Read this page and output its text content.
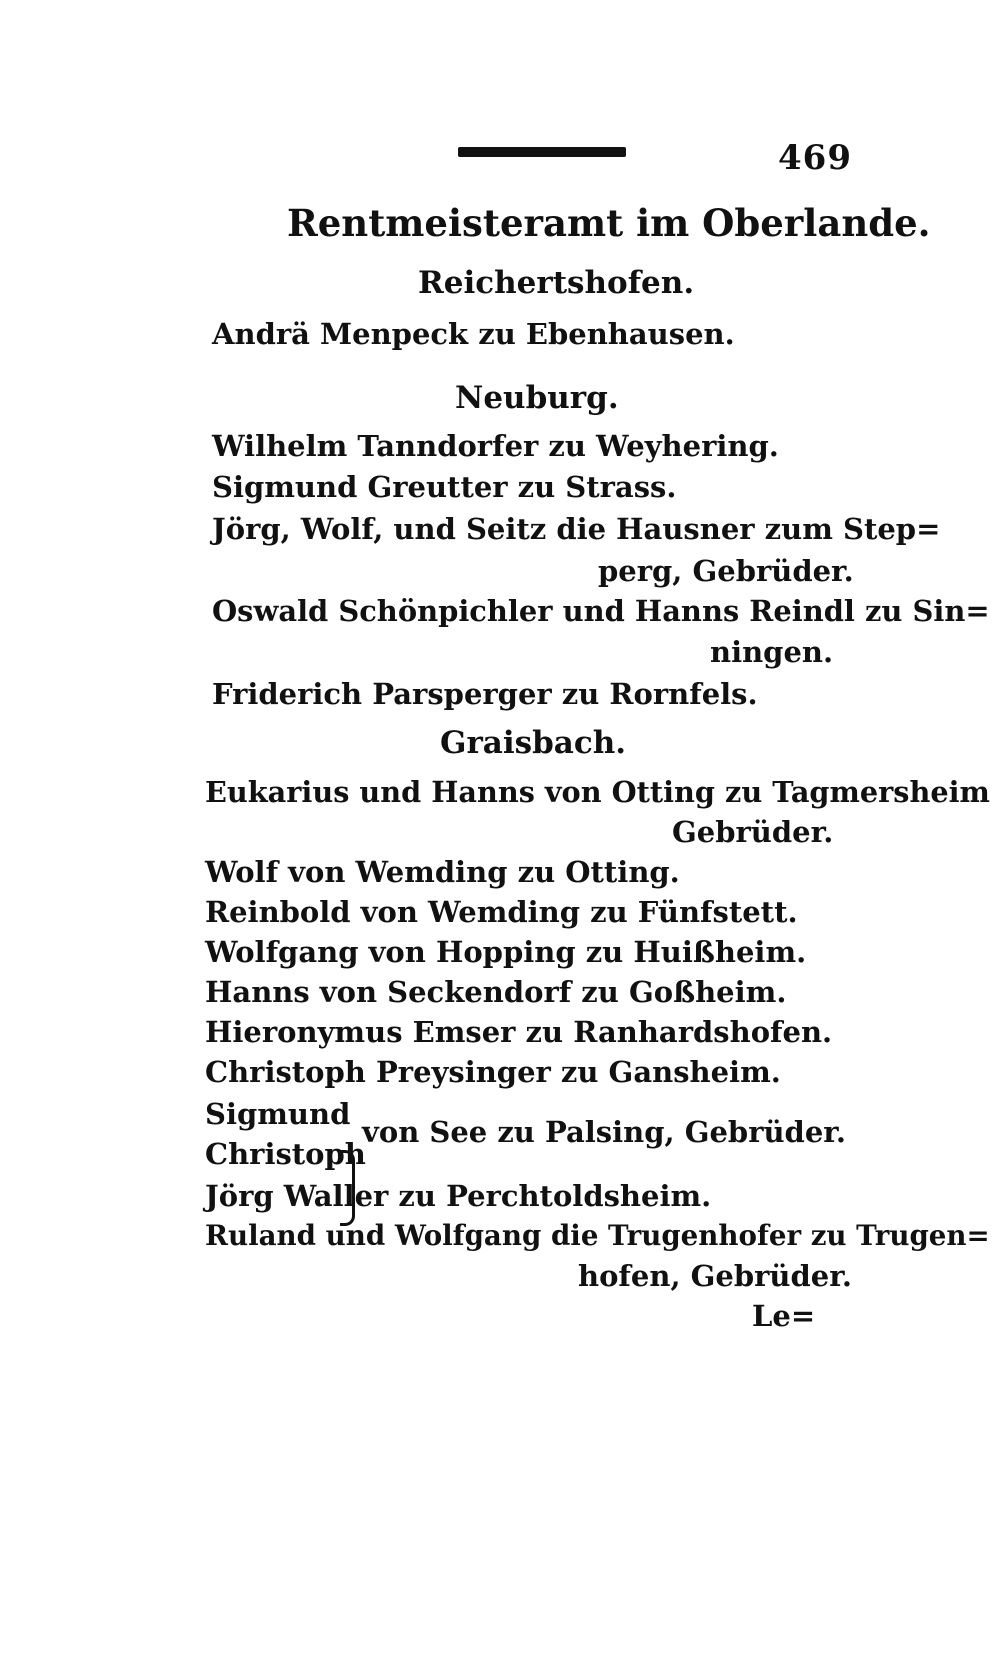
469
Rentmeisteramt im Oberlande.
Reichertshofen.
Andrä Menpeck zu Ebenhausen.
Neuburg.
Wilhelm Tanndorfer zu Weyhering.
Sigmund Greutter zu Strass.
Jörg, Wolf, und Seitz die Hausner zum Step=
perg, Gebrüder.
Oswald Schönpichler und Hanns Reindl zu Sin=
ningen.
Friderich Parsperger zu Rornfels.
Graisbach.
Eukarius und Hanns von Otting zu Tagmersheim
Gebrüder.
Wolf von Wemding zu Otting.
Reinbold von Wemding zu Fünfstett.
Wolfgang von Hopping zu Huißheim.
Hanns von Seckendorf zu Goßheim.
Hieronymus Emser zu Ranhardshofen.
Christoph Preysinger zu Gansheim.
Sigmund
Christoph
von See zu Palsing, Gebrüder.
Jörg Waller zu Perchtoldsheim.
Ruland und Wolfgang die Trugenhofer zu Trugen=
hofen, Gebrüder.
Le=
